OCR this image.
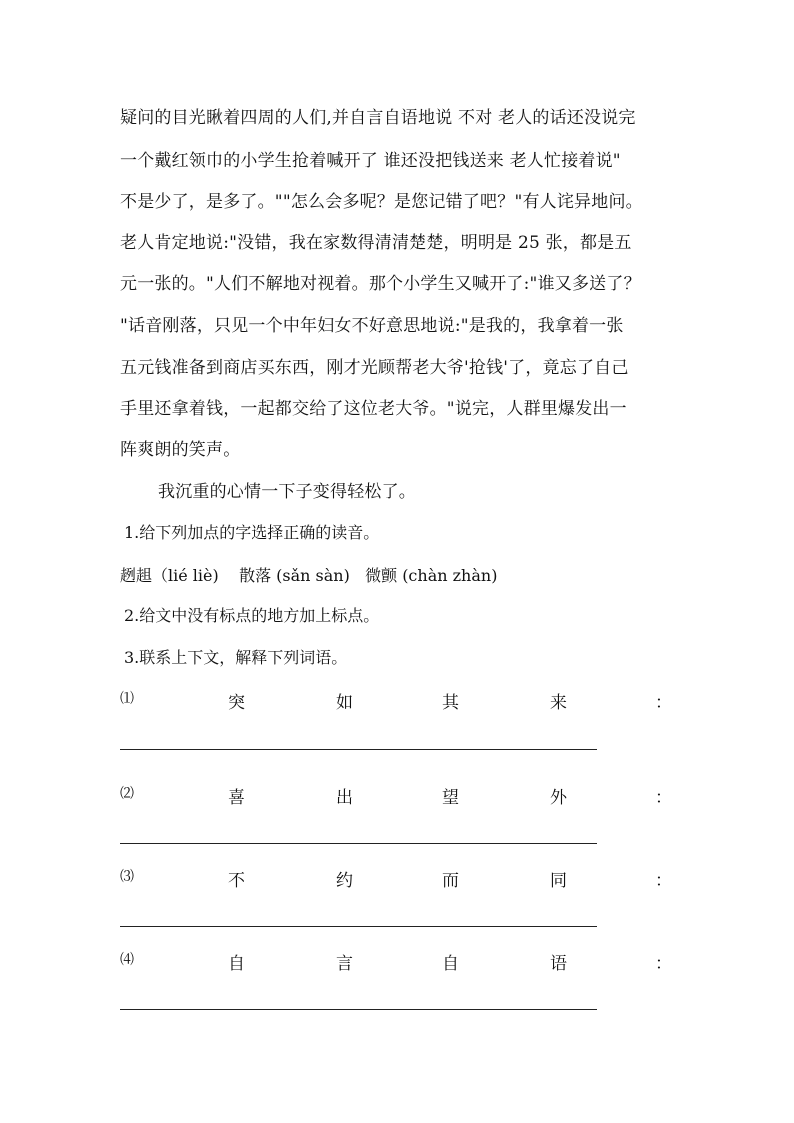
疑问的目光瞅着四周的人们,并自言自语地说 不对 老人的话还没说完
一个戴红领巾的小学生抢着喊开了 谁还没把钱送来 老人忙接着说"
不是少了，是多了。""怎么会多呢？是您记错了吧？"有人诧异地问。
老人肯定地说:"没错，我在家数得清清楚楚，明明是 25 张，都是五
元一张的。"人们不解地对视着。那个小学生又喊开了:"谁又多送了？
"话音刚落，只见一个中年妇女不好意思地说:"是我的，我拿着一张
五元钱准备到商店买东西，刚才光顾帮老大爷'抢钱'了，竟忘了自己
手里还拿着钱，一起都交给了这位老大爷。"说完，人群里爆发出一
阵爽朗的笑声。
我沉重的心情一下子变得轻松了。
1.给下列加点的字选择正确的读音。
趔趄（lié liè)    散落 (sǎn sàn)   微颤 (chàn zhàn)
2.给文中没有标点的地方加上标点。
3.联系上下文，解释下列词语。
⑴	突	如	其	来	：
⑵	喜	出	望	外	：
⑶	不	约	而	同	：
⑷	自	言	自	语	：
